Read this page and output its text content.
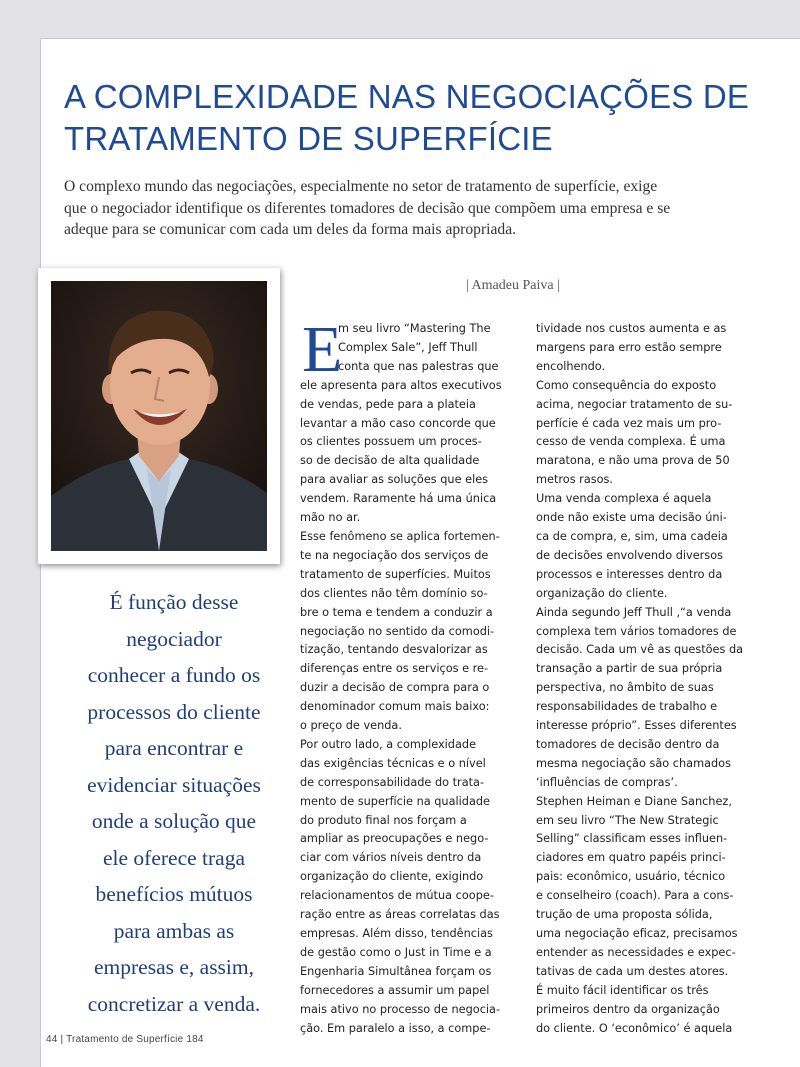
A COMPLEXIDADE NAS NEGOCIAÇÕES DE
TRATAMENTO DE SUPERFÍCIE

O complexo mundo das negociações, especialmente no setor de tratamento de superfície, exige
que o negociador identifique os diferentes tomadores de decisão que compõem uma empresa e se
adeque para se comunicar com cada um deles da forma mais apropriada.

| Amadeu Paiva |

É função desse
negociador
conhecer a fundo os
processos do cliente
para encontrar e
evidenciar situações
onde a solução que
ele oferece traga
benefícios mútuos
para ambas as
empresas e, assim,
concretizar a venda.

E
m seu livro “Mastering The
Complex Sale”, Jeff Thull
conta que nas palestras que
ele apresenta para altos executivos
de vendas, pede para a plateia
levantar a mão caso concorde que
os clientes possuem um proces-
so de decisão de alta qualidade
para avaliar as soluções que eles
vendem. Raramente há uma única
mão no ar.
Esse fenômeno se aplica fortemen-
te na negociação dos serviços de
tratamento de superfícies. Muitos
dos clientes não têm domínio so-
bre o tema e tendem a conduzir a
negociação no sentido da comodi-
tização, tentando desvalorizar as
diferenças entre os serviços e re-
duzir a decisão de compra para o
denominador comum mais baixo:
o preço de venda.
Por outro lado, a complexidade
das exigências técnicas e o nível
de corresponsabilidade do trata-
mento de superfície na qualidade
do produto final nos forçam a
ampliar as preocupações e nego-
ciar com vários níveis dentro da
organização do cliente, exigindo
relacionamentos de mútua coope-
ração entre as áreas correlatas das
empresas. Além disso, tendências
de gestão como o Just in Time e a
Engenharia Simultânea forçam os
fornecedores a assumir um papel
mais ativo no processo de negocia-
ção. Em paralelo a isso, a compe-
tividade nos custos aumenta e as
margens para erro estão sempre
encolhendo.
Como consequência do exposto
acima, negociar tratamento de su-
perfície é cada vez mais um pro-
cesso de venda complexa. É uma
maratona, e não uma prova de 50
metros rasos.
Uma venda complexa é aquela
onde não existe uma decisão úni-
ca de compra, e, sim, uma cadeia
de decisões envolvendo diversos
processos e interesses dentro da
organização do cliente.
Ainda segundo Jeff Thull ,“a venda
complexa tem vários tomadores de
decisão. Cada um vê as questões da
transação a partir de sua própria
perspectiva, no âmbito de suas
responsabilidades de trabalho e
interesse próprio”. Esses diferentes
tomadores de decisão dentro da
mesma negociação são chamados
‘influências de compras’.
Stephen Heiman e Diane Sanchez,
em seu livro “The New Strategic
Selling” classificam esses influen-
ciadores em quatro papéis princi-
pais: econômico, usuário, técnico
e conselheiro (coach). Para a cons-
trução de uma proposta sólida,
uma negociação eficaz, precisamos
entender as necessidades e expec-
tativas de cada um destes atores.
É muito fácil identificar os três
primeiros dentro da organização
do cliente. O ‘econômico’ é aquela
44 | Tratamento de Superfície 184
